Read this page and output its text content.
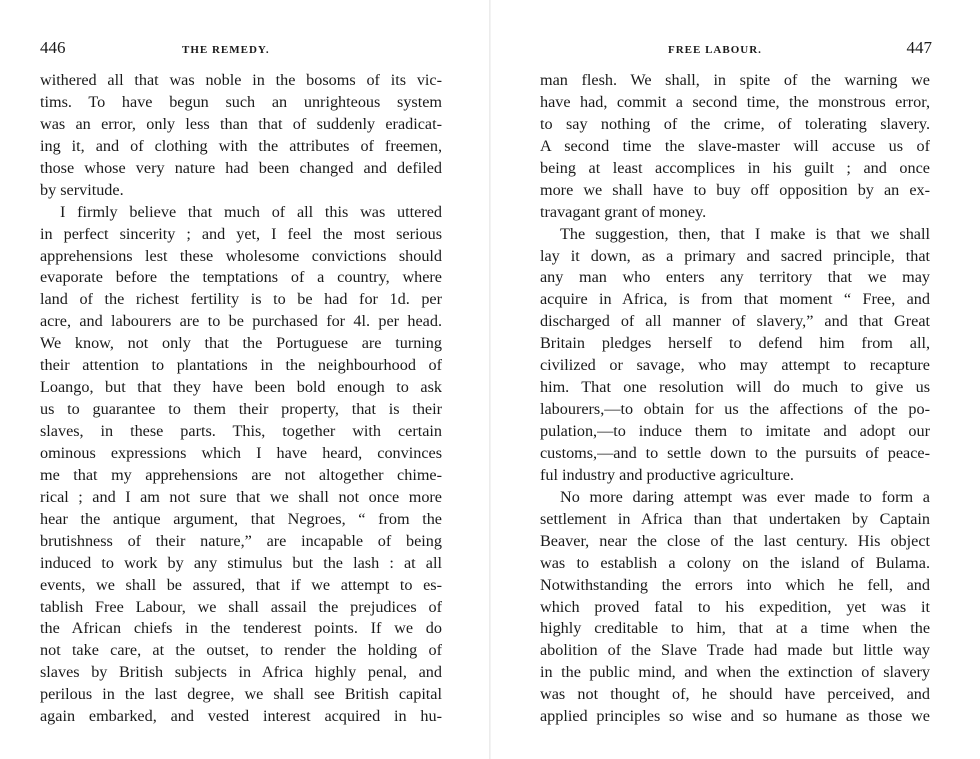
446	THE REMEDY.
withered all that was noble in the bosoms of its vic-
tims. To have begun such an unrighteous system
was an error, only less than that of suddenly eradicat-
ing it, and of clothing with the attributes of freemen,
those whose very nature had been changed and defiled
by servitude.
I firmly believe that much of all this was uttered
in perfect sincerity ; and yet, I feel the most serious
apprehensions lest these wholesome convictions should
evaporate before the temptations of a country, where
land of the richest fertility is to be had for 1d. per
acre, and labourers are to be purchased for 4l. per head.
We know, not only that the Portuguese are turning
their attention to plantations in the neighbourhood of
Loango, but that they have been bold enough to ask
us to guarantee to them their property, that is their
slaves, in these parts. This, together with certain
ominous expressions which I have heard, convinces
me that my apprehensions are not altogether chime-
rical ; and I am not sure that we shall not once more
hear the antique argument, that Negroes, “ from the
brutishness of their nature,” are incapable of being
induced to work by any stimulus but the lash : at all
events, we shall be assured, that if we attempt to es-
tablish Free Labour, we shall assail the prejudices of
the African chiefs in the tenderest points. If we do
not take care, at the outset, to render the holding of
slaves by British subjects in Africa highly penal, and
perilous in the last degree, we shall see British capital
again embarked, and vested interest acquired in hu-
FREE LABOUR.	447
man flesh. We shall, in spite of the warning we
have had, commit a second time, the monstrous error,
to say nothing of the crime, of tolerating slavery.
A second time the slave-master will accuse us of
being at least accomplices in his guilt ; and once
more we shall have to buy off opposition by an ex-
travagant grant of money.
The suggestion, then, that I make is that we shall
lay it down, as a primary and sacred principle, that
any man who enters any territory that we may
acquire in Africa, is from that moment “ Free, and
discharged of all manner of slavery,” and that Great
Britain pledges herself to defend him from all,
civilized or savage, who may attempt to recapture
him. That one resolution will do much to give us
labourers,—to obtain for us the affections of the po-
pulation,—to induce them to imitate and adopt our
customs,—and to settle down to the pursuits of peace-
ful industry and productive agriculture.
No more daring attempt was ever made to form a
settlement in Africa than that undertaken by Captain
Beaver, near the close of the last century. His object
was to establish a colony on the island of Bulama.
Notwithstanding the errors into which he fell, and
which proved fatal to his expedition, yet was it
highly creditable to him, that at a time when the
abolition of the Slave Trade had made but little way
in the public mind, and when the extinction of slavery
was not thought of, he should have perceived, and
applied principles so wise and so humane as those we
